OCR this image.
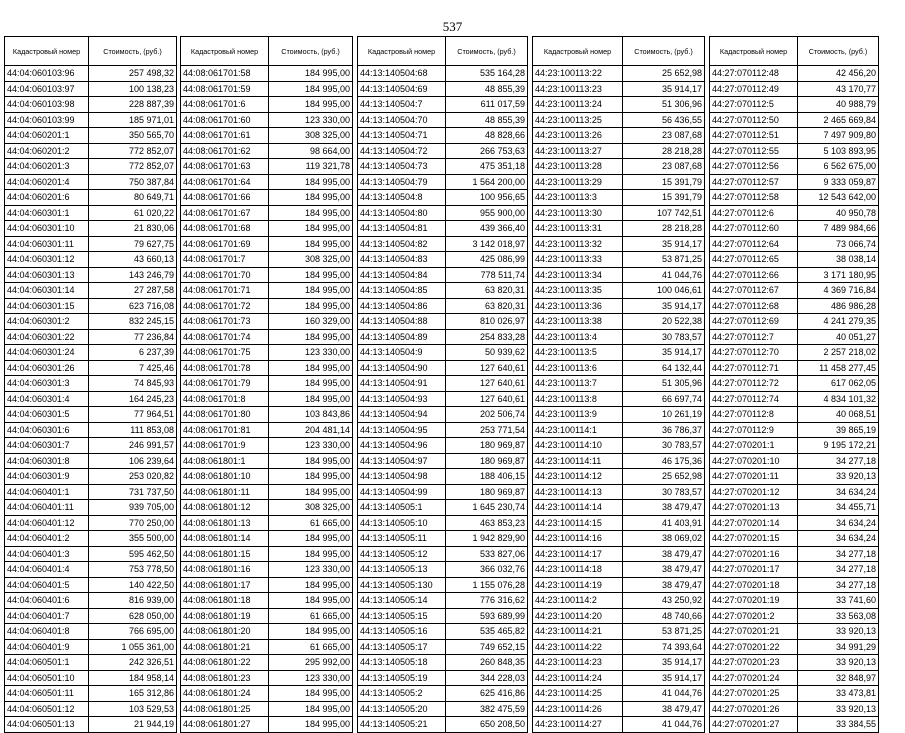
537
Кадастровый номер	Стоимость, (руб.)
44:04:060103:96	257 498,32
44:04:060103:97	100 138,23
44:04:060103:98	228 887,39
44:04:060103:99	185 971,01
44:04:060201:1	350 565,70
44:04:060201:2	772 852,07
44:04:060201:3	772 852,07
44:04:060201:4	750 387,84
44:04:060201:6	80 649,71
44:04:060301:1	61 020,22
44:04:060301:10	21 830,06
44:04:060301:11	79 627,75
44:04:060301:12	43 660,13
44:04:060301:13	143 246,79
44:04:060301:14	27 287,58
44:04:060301:15	623 716,08
44:04:060301:2	832 245,15
44:04:060301:22	77 236,84
44:04:060301:24	6 237,39
44:04:060301:26	7 425,46
44:04:060301:3	74 845,93
44:04:060301:4	164 245,23
44:04:060301:5	77 964,51
44:04:060301:6	111 853,08
44:04:060301:7	246 991,57
44:04:060301:8	106 239,64
44:04:060301:9	253 020,82
44:04:060401:1	731 737,50
44:04:060401:11	939 705,00
44:04:060401:12	770 250,00
44:04:060401:2	355 500,00
44:04:060401:3	595 462,50
44:04:060401:4	753 778,50
44:04:060401:5	140 422,50
44:04:060401:6	816 939,00
44:04:060401:7	628 050,00
44:04:060401:8	766 695,00
44:04:060401:9	1 055 361,00
44:04:060501:1	242 326,51
44:04:060501:10	184 958,14
44:04:060501:11	165 312,86
44:04:060501:12	103 529,53
44:04:060501:13	21 944,19
Кадастровый номер	Стоимость, (руб.)
44:08:061701:58	184 995,00
44:08:061701:59	184 995,00
44:08:061701:6	184 995,00
44:08:061701:60	123 330,00
44:08:061701:61	308 325,00
44:08:061701:62	98 664,00
44:08:061701:63	119 321,78
44:08:061701:64	184 995,00
44:08:061701:66	184 995,00
44:08:061701:67	184 995,00
44:08:061701:68	184 995,00
44:08:061701:69	184 995,00
44:08:061701:7	308 325,00
44:08:061701:70	184 995,00
44:08:061701:71	184 995,00
44:08:061701:72	184 995,00
44:08:061701:73	160 329,00
44:08:061701:74	184 995,00
44:08:061701:75	123 330,00
44:08:061701:78	184 995,00
44:08:061701:79	184 995,00
44:08:061701:8	184 995,00
44:08:061701:80	103 843,86
44:08:061701:81	204 481,14
44:08:061701:9	123 330,00
44:08:061801:1	184 995,00
44:08:061801:10	184 995,00
44:08:061801:11	184 995,00
44:08:061801:12	308 325,00
44:08:061801:13	61 665,00
44:08:061801:14	184 995,00
44:08:061801:15	184 995,00
44:08:061801:16	123 330,00
44:08:061801:17	184 995,00
44:08:061801:18	184 995,00
44:08:061801:19	61 665,00
44:08:061801:20	184 995,00
44:08:061801:21	61 665,00
44:08:061801:22	295 992,00
44:08:061801:23	123 330,00
44:08:061801:24	184 995,00
44:08:061801:25	184 995,00
44:08:061801:27	184 995,00
Кадастровый номер	Стоимость, (руб.)
44:13:140504:68	535 164,28
44:13:140504:69	48 855,39
44:13:140504:7	611 017,59
44:13:140504:70	48 855,39
44:13:140504:71	48 828,66
44:13:140504:72	266 753,63
44:13:140504:73	475 351,18
44:13:140504:79	1 564 200,00
44:13:140504:8	100 956,65
44:13:140504:80	955 900,00
44:13:140504:81	439 366,40
44:13:140504:82	3 142 018,97
44:13:140504:83	425 086,99
44:13:140504:84	778 511,74
44:13:140504:85	63 820,31
44:13:140504:86	63 820,31
44:13:140504:88	810 026,97
44:13:140504:89	254 833,28
44:13:140504:9	50 939,62
44:13:140504:90	127 640,61
44:13:140504:91	127 640,61
44:13:140504:93	127 640,61
44:13:140504:94	202 506,74
44:13:140504:95	253 771,54
44:13:140504:96	180 969,87
44:13:140504:97	180 969,87
44:13:140504:98	188 406,15
44:13:140504:99	180 969,87
44:13:140505:1	1 645 230,74
44:13:140505:10	463 853,23
44:13:140505:11	1 942 829,90
44:13:140505:12	533 827,06
44:13:140505:13	366 032,76
44:13:140505:130	1 155 076,28
44:13:140505:14	776 316,62
44:13:140505:15	593 689,99
44:13:140505:16	535 465,82
44:13:140505:17	749 652,15
44:13:140505:18	260 848,35
44:13:140505:19	344 228,03
44:13:140505:2	625 416,86
44:13:140505:20	382 475,59
44:13:140505:21	650 208,50
Кадастровый номер	Стоимость, (руб.)
44:23:100113:22	25 652,98
44:23:100113:23	35 914,17
44:23:100113:24	51 306,96
44:23:100113:25	56 436,55
44:23:100113:26	23 087,68
44:23:100113:27	28 218,28
44:23:100113:28	23 087,68
44:23:100113:29	15 391,79
44:23:100113:3	15 391,79
44:23:100113:30	107 742,51
44:23:100113:31	28 218,28
44:23:100113:32	35 914,17
44:23:100113:33	53 871,25
44:23:100113:34	41 044,76
44:23:100113:35	100 046,61
44:23:100113:36	35 914,17
44:23:100113:38	20 522,38
44:23:100113:4	30 783,57
44:23:100113:5	35 914,17
44:23:100113:6	64 132,44
44:23:100113:7	51 305,96
44:23:100113:8	66 697,74
44:23:100113:9	10 261,19
44:23:100114:1	36 786,37
44:23:100114:10	30 783,57
44:23:100114:11	46 175,36
44:23:100114:12	25 652,98
44:23:100114:13	30 783,57
44:23:100114:14	38 479,47
44:23:100114:15	41 403,91
44:23:100114:16	38 069,02
44:23:100114:17	38 479,47
44:23:100114:18	38 479,47
44:23:100114:19	38 479,47
44:23:100114:2	43 250,92
44:23:100114:20	48 740,66
44:23:100114:21	53 871,25
44:23:100114:22	74 393,64
44:23:100114:23	35 914,17
44:23:100114:24	35 914,17
44:23:100114:25	41 044,76
44:23:100114:26	38 479,47
44:23:100114:27	41 044,76
Кадастровый номер	Стоимость, (руб.)
44:27:070112:48	42 456,20
44:27:070112:49	43 170,77
44:27:070112:5	40 988,79
44:27:070112:50	2 465 669,84
44:27:070112:51	7 497 909,80
44:27:070112:55	5 103 893,95
44:27:070112:56	6 562 675,00
44:27:070112:57	9 333 059,87
44:27:070112:58	12 543 642,00
44:27:070112:6	40 950,78
44:27:070112:60	7 489 984,66
44:27:070112:64	73 066,74
44:27:070112:65	38 038,14
44:27:070112:66	3 171 180,95
44:27:070112:67	4 369 716,84
44:27:070112:68	486 986,28
44:27:070112:69	4 241 279,35
44:27:070112:7	40 051,27
44:27:070112:70	2 257 218,02
44:27:070112:71	11 458 277,45
44:27:070112:72	617 062,05
44:27:070112:74	4 834 101,32
44:27:070112:8	40 068,51
44:27:070112:9	39 865,19
44:27:070201:1	9 195 172,21
44:27:070201:10	34 277,18
44:27:070201:11	33 920,13
44:27:070201:12	34 634,24
44:27:070201:13	34 455,71
44:27:070201:14	34 634,24
44:27:070201:15	34 634,24
44:27:070201:16	34 277,18
44:27:070201:17	34 277,18
44:27:070201:18	34 277,18
44:27:070201:19	33 741,60
44:27:070201:2	33 563,08
44:27:070201:21	33 920,13
44:27:070201:22	34 991,29
44:27:070201:23	33 920,13
44:27:070201:24	32 848,97
44:27:070201:25	33 473,81
44:27:070201:26	33 920,13
44:27:070201:27	33 384,55
